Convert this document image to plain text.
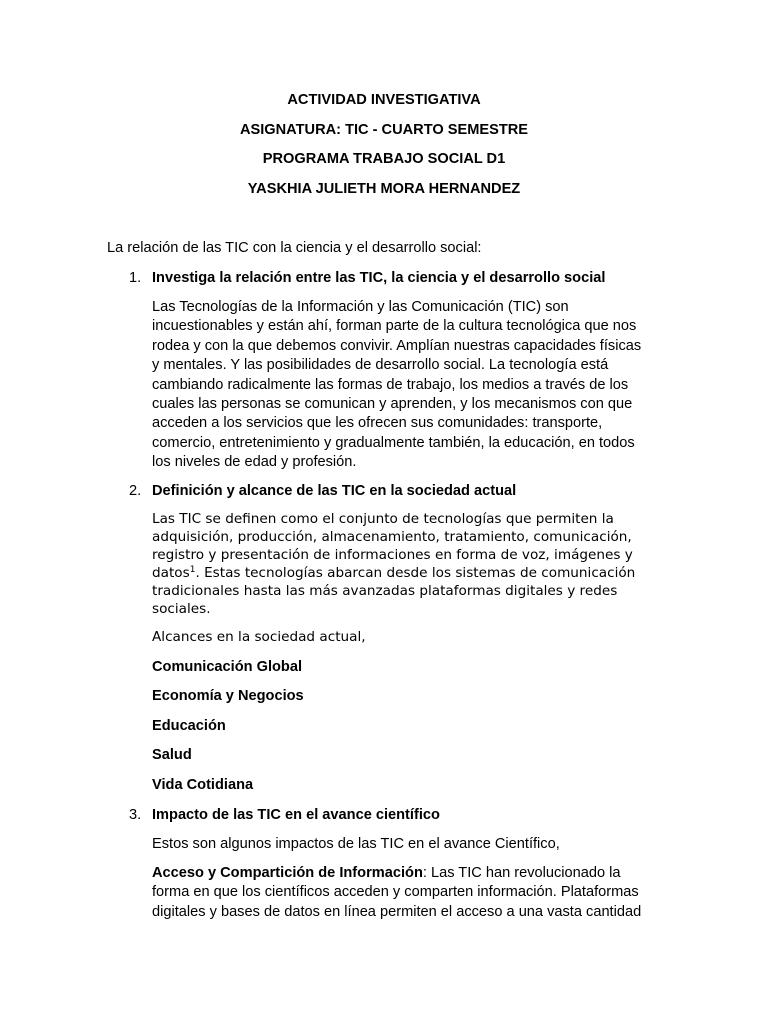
ACTIVIDAD INVESTIGATIVA
ASIGNATURA: TIC - CUARTO SEMESTRE
PROGRAMA TRABAJO SOCIAL D1
YASKHIA JULIETH MORA HERNANDEZ
La relación de las TIC con la ciencia y el desarrollo social:
1. Investiga la relación entre las TIC, la ciencia y el desarrollo social
Las Tecnologías de la Información y las Comunicación (TIC) son
incuestionables y están ahí, forman parte de la cultura tecnológica que nos
rodea y con la que debemos convivir. Amplían nuestras capacidades físicas
y mentales. Y las posibilidades de desarrollo social. La tecnología está
cambiando radicalmente las formas de trabajo, los medios a través de los
cuales las personas se comunican y aprenden, y los mecanismos con que
acceden a los servicios que les ofrecen sus comunidades: transporte,
comercio, entretenimiento y gradualmente también, la educación, en todos
los niveles de edad y profesión.
2. Definición y alcance de las TIC en la sociedad actual
Las TIC se definen como el conjunto de tecnologías que permiten la
adquisición, producción, almacenamiento, tratamiento, comunicación,
registro y presentación de informaciones en forma de voz, imágenes y
datos$^1$. Estas tecnologías abarcan desde los sistemas de comunicación
tradicionales hasta las más avanzadas plataformas digitales y redes
sociales.
Alcances en la sociedad actual,
Comunicación Global
Economía y Negocios
Educación
Salud
Vida Cotidiana
3. Impacto de las TIC en el avance científico
Estos son algunos impactos de las TIC en el avance Científico,
Acceso y Compartición de Información: Las TIC han revolucionado la
forma en que los científicos acceden y comparten información. Plataformas
digitales y bases de datos en línea permiten el acceso a una vasta cantidad
